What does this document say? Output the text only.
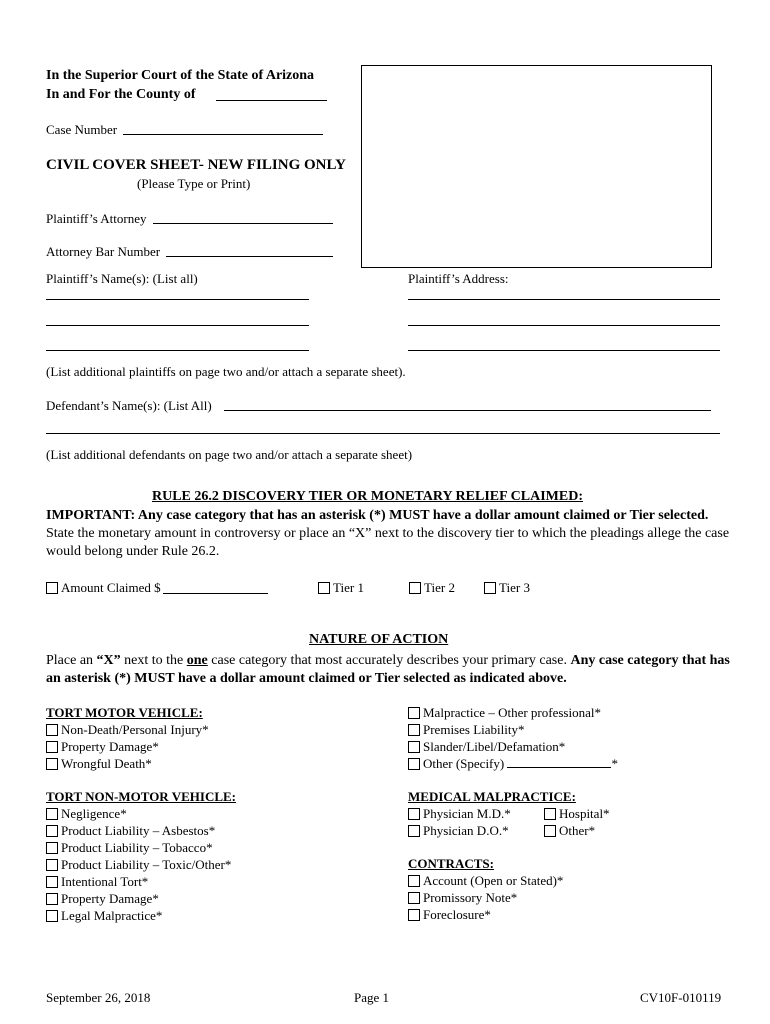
In the Superior Court of the State of Arizona
In and For the County of
Case Number
CIVIL COVER SHEET- NEW FILING ONLY
(Please Type or Print)
Plaintiff’s Attorney
Attorney Bar Number
Plaintiff’s Name(s): (List all)	Plaintiff’s Address:
(List additional plaintiffs on page two and/or attach a separate sheet).
Defendant’s Name(s): (List All)
(List additional defendants on page two and/or attach a separate sheet)
RULE 26.2 DISCOVERY TIER OR MONETARY RELIEF CLAIMED:
IMPORTANT: Any case category that has an asterisk (*) MUST have a dollar amount claimed or Tier selected. State the monetary amount in controversy or place an “X” next to the discovery tier to which the pleadings allege the case would belong under Rule 26.2.
Amount Claimed $	Tier 1	Tier 2	Tier 3
NATURE OF ACTION
Place an “X” next to the one case category that most accurately describes your primary case. Any case category that has an asterisk (*) MUST have a dollar amount claimed or Tier selected as indicated above.
TORT MOTOR VEHICLE:
Non-Death/Personal Injury*
Property Damage*
Wrongful Death*
TORT NON-MOTOR VEHICLE:
Negligence*
Product Liability – Asbestos*
Product Liability – Tobacco*
Product Liability – Toxic/Other*
Intentional Tort*
Property Damage*
Legal Malpractice*
Malpractice – Other professional*
Premises Liability*
Slander/Libel/Defamation*
Other (Specify)	*
MEDICAL MALPRACTICE:
Physician M.D.*	Hospital*
Physician D.O.*	Other*
CONTRACTS:
Account (Open or Stated)*
Promissory Note*
Foreclosure*
September 26, 2018	Page 1	CV10F-010119
